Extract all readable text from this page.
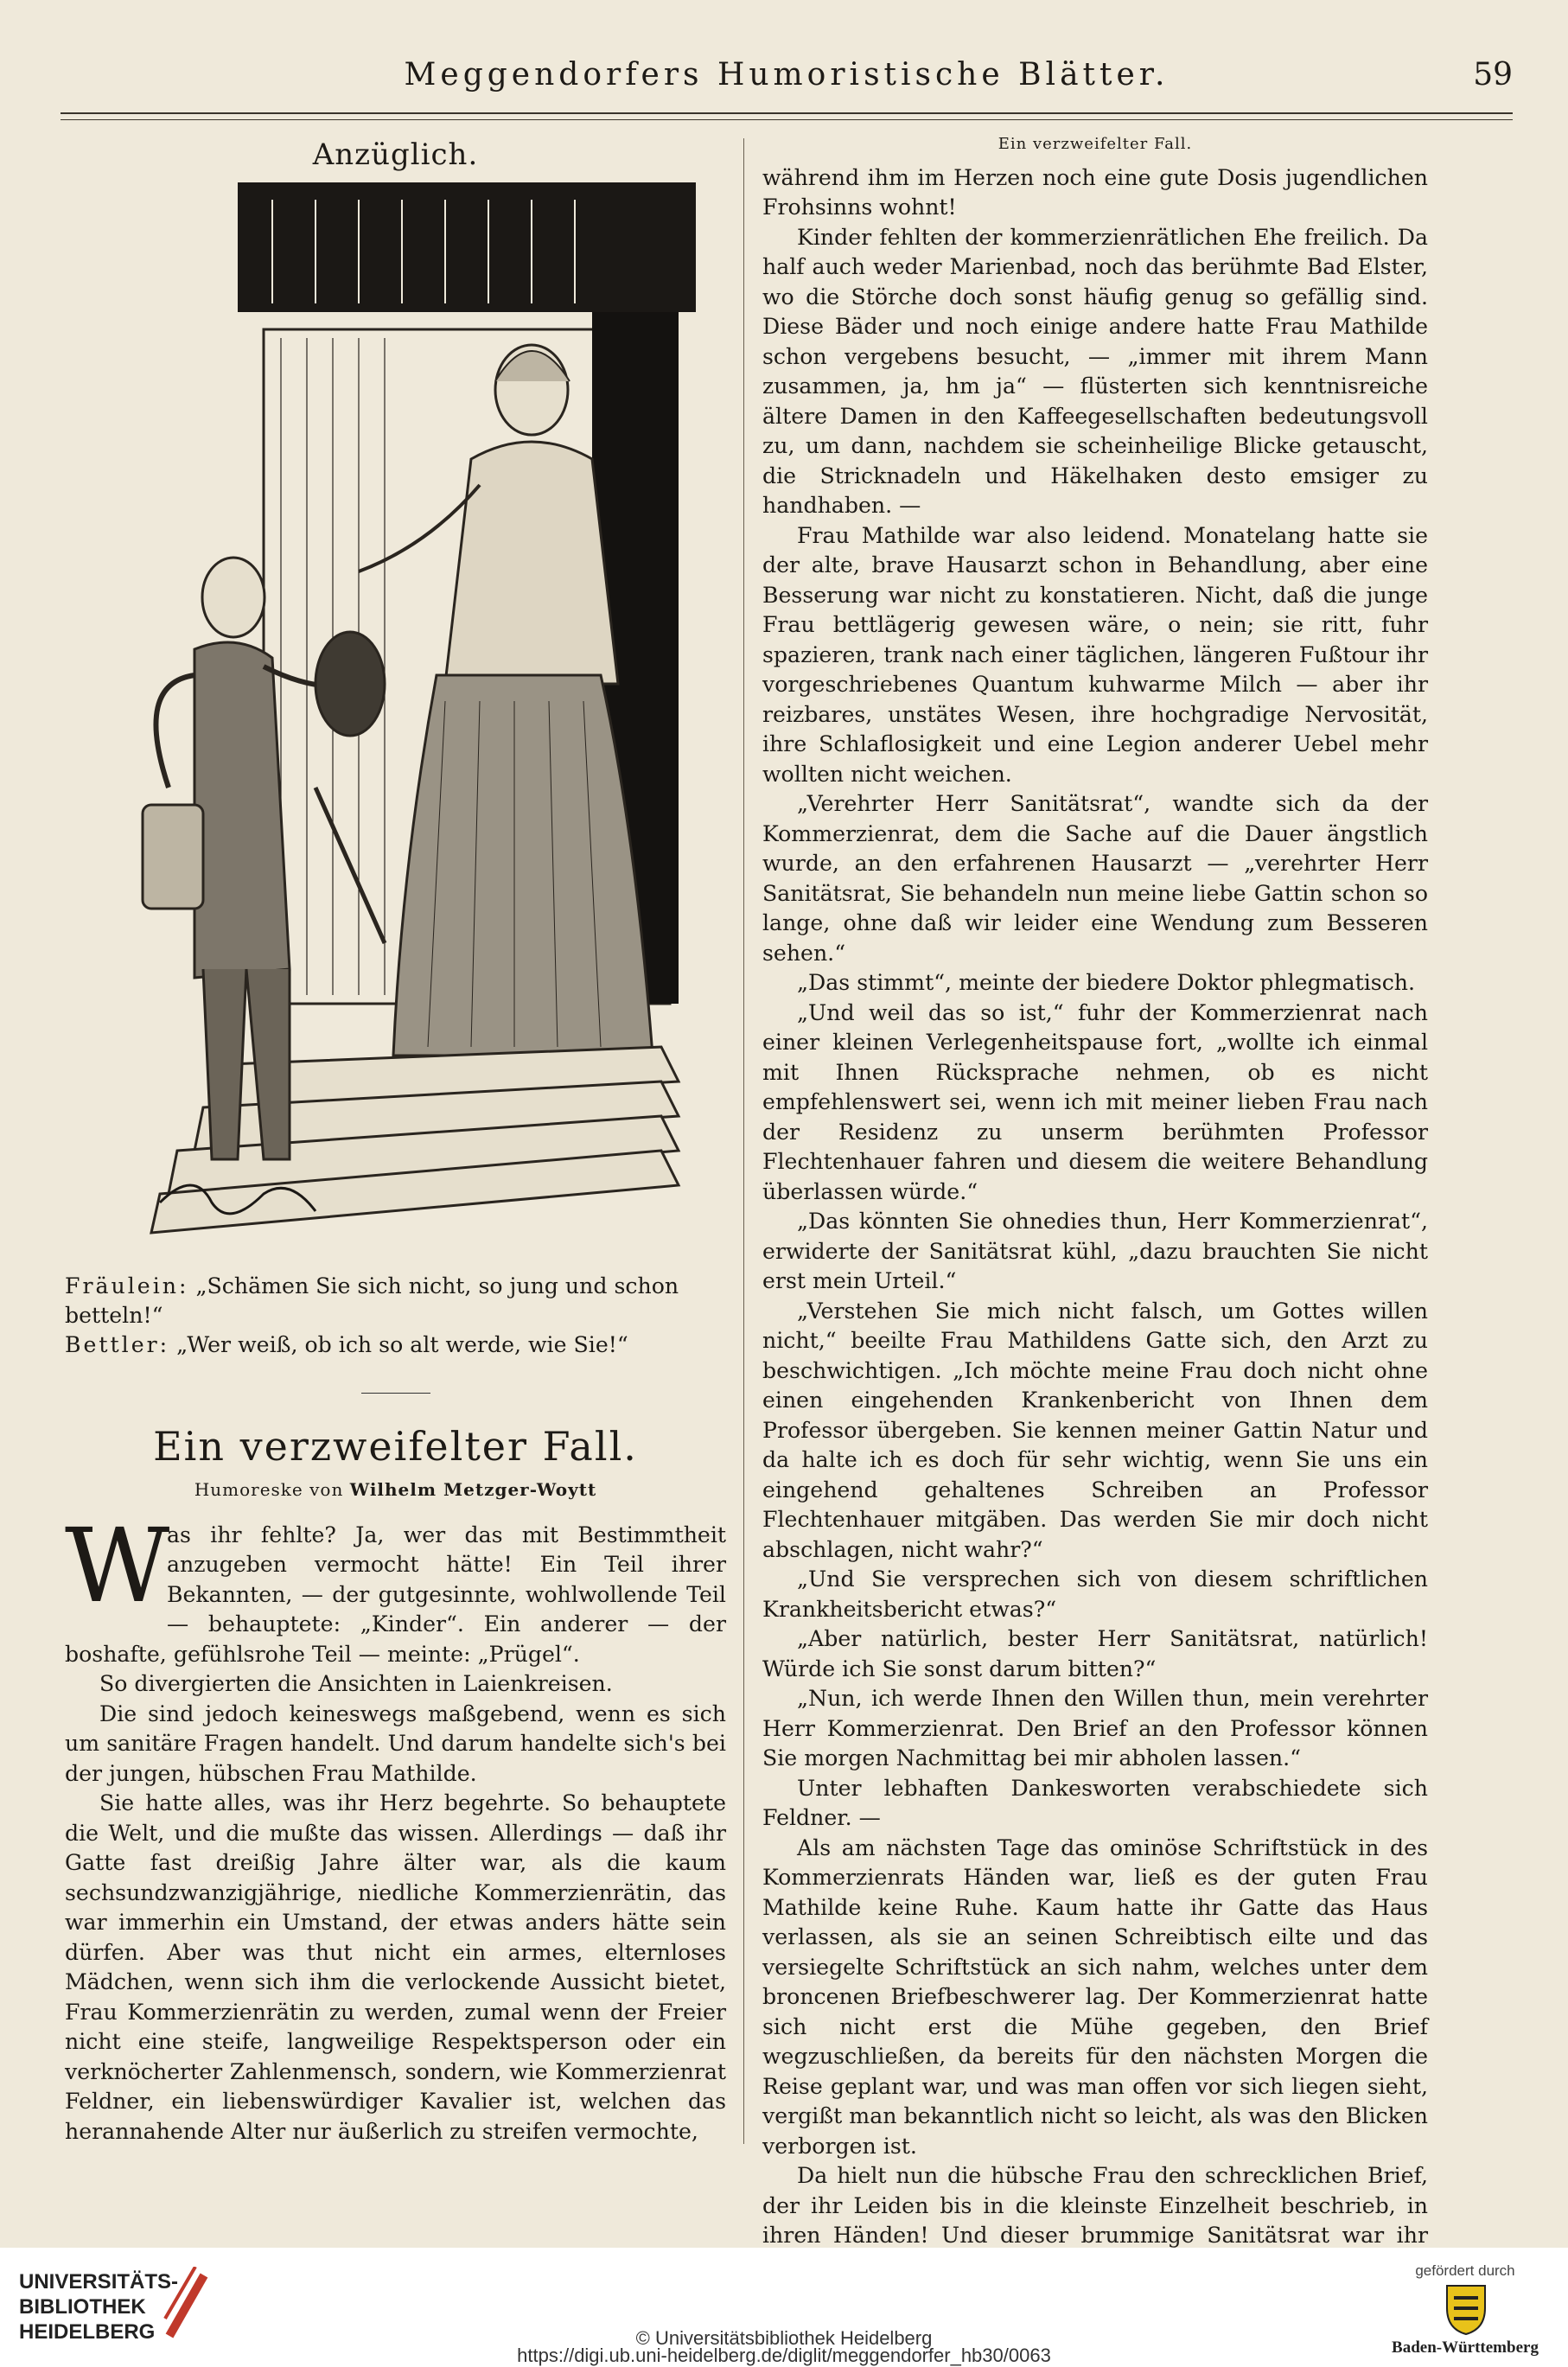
Meggendorfers Humoristische Blätter.	59
Anzüglich.
Fräulein: „Schämen Sie sich nicht, so jung und schon betteln!“
Bettler: „Wer weiß, ob ich so alt werde, wie Sie!“
Ein verzweifelter Fall.
Humoreske von Wilhelm Metzger-Woytt
W

as ihr fehlte? Ja, wer das mit Bestimmtheit anzugeben vermocht hätte! Ein Teil ihrer Bekannten, — der gutgesinnte, wohlwollende Teil — behauptete: „Kinder“. Ein anderer — der boshafte, gefühlsrohe Teil — meinte: „Prügel“.

So divergierten die Ansichten in Laienkreisen.

Die sind jedoch keineswegs maßgebend, wenn es sich um sanitäre Fragen handelt. Und darum handelte sich's bei der jungen, hübschen Frau Mathilde.

Sie hatte alles, was ihr Herz begehrte. So behauptete die Welt, und die mußte das wissen. Allerdings — daß ihr Gatte fast dreißig Jahre älter war, als die kaum sechsundzwanzigjährige, niedliche Kommerzienrätin, das war immerhin ein Umstand, der etwas anders hätte sein dürfen. Aber was thut nicht ein armes, elternloses Mädchen, wenn sich ihm die verlockende Aussicht bietet, Frau Kommerzienrätin zu werden, zumal wenn der Freier nicht eine steife, langweilige Respektsperson oder ein verknöcherter Zahlenmensch, sondern, wie Kommerzienrat Feldner, ein liebenswürdiger Kavalier ist, welchen das herannahende Alter nur äußerlich zu streifen vermochte,

Ein verzweifelter Fall.

während ihm im Herzen noch eine gute Dosis jugendlichen Frohsinns wohnt!

Kinder fehlten der kommerzienrätlichen Ehe freilich. Da half auch weder Marienbad, noch das berühmte Bad Elster, wo die Störche doch sonst häufig genug so gefällig sind. Diese Bäder und noch einige andere hatte Frau Mathilde schon vergebens besucht, — „immer mit ihrem Mann zusammen, ja, hm ja“ — flüsterten sich kenntnisreiche ältere Damen in den Kaffeegesellschaften bedeutungsvoll zu, um dann, nachdem sie scheinheilige Blicke getauscht, die Stricknadeln und Häkelhaken desto emsiger zu handhaben. —

Frau Mathilde war also leidend. Monatelang hatte sie der alte, brave Hausarzt schon in Behandlung, aber eine Besserung war nicht zu konstatieren. Nicht, daß die junge Frau bettlägerig gewesen wäre, o nein; sie ritt, fuhr spazieren, trank nach einer täglichen, längeren Fußtour ihr vorgeschriebenes Quantum kuhwarme Milch — aber ihr reizbares, unstätes Wesen, ihre hochgradige Nervosität, ihre Schlaflosigkeit und eine Legion anderer Uebel mehr wollten nicht weichen.

„Verehrter Herr Sanitätsrat“, wandte sich da der Kommerzienrat, dem die Sache auf die Dauer ängstlich wurde, an den erfahrenen Hausarzt — „verehrter Herr Sanitätsrat, Sie behandeln nun meine liebe Gattin schon so lange, ohne daß wir leider eine Wendung zum Besseren sehen.“

„Das stimmt“, meinte der biedere Doktor phlegmatisch.

„Und weil das so ist,“ fuhr der Kommerzienrat nach einer kleinen Verlegenheitspause fort, „wollte ich einmal mit Ihnen Rücksprache nehmen, ob es nicht empfehlenswert sei, wenn ich mit meiner lieben Frau nach der Residenz zu unserm berühmten Professor Flechtenhauer fahren und diesem die weitere Behandlung überlassen würde.“

„Das könnten Sie ohnedies thun, Herr Kommerzienrat“, erwiderte der Sanitätsrat kühl, „dazu brauchten Sie nicht erst mein Urteil.“

„Verstehen Sie mich nicht falsch, um Gottes willen nicht,“ beeilte Frau Mathildens Gatte sich, den Arzt zu beschwichtigen. „Ich möchte meine Frau doch nicht ohne einen eingehenden Krankenbericht von Ihnen dem Professor übergeben. Sie kennen meiner Gattin Natur und da halte ich es doch für sehr wichtig, wenn Sie uns ein eingehend gehaltenes Schreiben an Professor Flechtenhauer mitgäben. Das werden Sie mir doch nicht abschlagen, nicht wahr?“

„Und Sie versprechen sich von diesem schriftlichen Krankheitsbericht etwas?“

„Aber natürlich, bester Herr Sanitätsrat, natürlich! Würde ich Sie sonst darum bitten?“

„Nun, ich werde Ihnen den Willen thun, mein verehrter Herr Kommerzienrat. Den Brief an den Professor können Sie morgen Nachmittag bei mir abholen lassen.“

Unter lebhaften Dankesworten verabschiedete sich Feldner. —

Als am nächsten Tage das ominöse Schriftstück in des Kommerzienrats Händen war, ließ es der guten Frau Mathilde keine Ruhe. Kaum hatte ihr Gatte das Haus verlassen, als sie an seinen Schreibtisch eilte und das versiegelte Schriftstück an sich nahm, welches unter dem broncenen Briefbeschwerer lag. Der Kommerzienrat hatte sich nicht erst die Mühe gegeben, den Brief wegzuschließen, da bereits für den nächsten Morgen die Reise geplant war, und was man offen vor sich liegen sieht, vergißt man bekanntlich nicht so leicht, als was den Blicken verborgen ist.

Da hielt nun die hübsche Frau den schrecklichen Brief, der ihr Leiden bis in die kleinste Einzelheit beschrieb, in ihren Händen! Und dieser brummige Sanitätsrat war ihr

UNIVERSITÄTS-
BIBLIOTHEK
HEIDELBERG	© Universitätsbibliothek Heidelberg
https://digi.ub.uni-heidelberg.de/diglit/meggendorfer_hb30/0063
gefördert durch
Baden-Württemberg
